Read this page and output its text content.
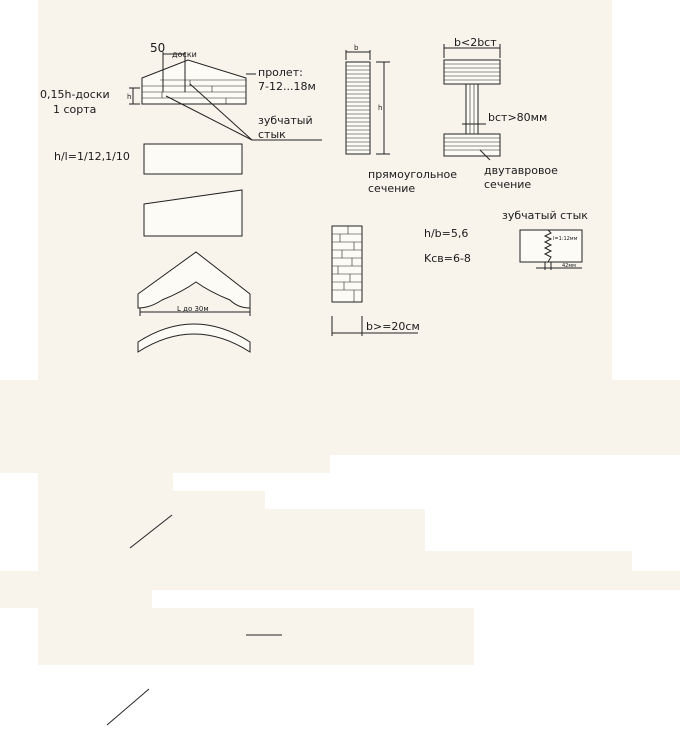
50 доски
пролет:
7-12...18м
0,15h-доски
1 сорта
h
зубчатый
стык
h/l=1/12,1/10
L до 30м
b
h
прямоугольное
сечение
b<2bст
bст>80мм
двутавровое
сечение
h/b=5,6
Kсв=6-8
b>=20см
зубчатый стык
l=1:12мм
42мм
